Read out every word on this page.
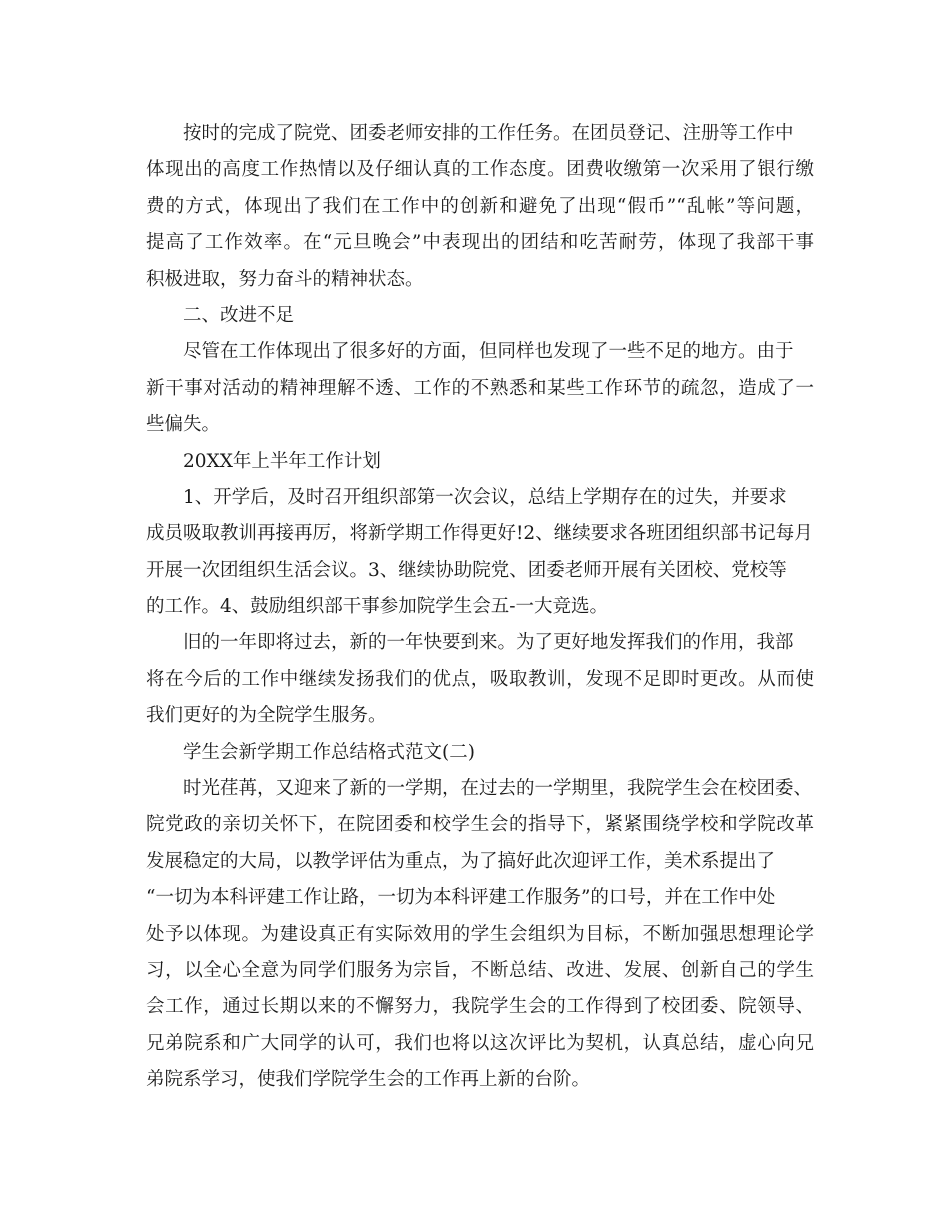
按时的完成了院党、团委老师安排的工作任务。在团员登记、注册等工作中
体现出的高度工作热情以及仔细认真的工作态度。团费收缴第一次采用了银行缴
费的方式，体现出了我们在工作中的创新和避免了出现“假币”“乱帐”等问题，
提高了工作效率。在“元旦晚会”中表现出的团结和吃苦耐劳，体现了我部干事
积极进取，努力奋斗的精神状态。
二、改进不足
尽管在工作体现出了很多好的方面，但同样也发现了一些不足的地方。由于
新干事对活动的精神理解不透、工作的不熟悉和某些工作环节的疏忽，造成了一
些偏失。
20XX年上半年工作计划
1、开学后，及时召开组织部第一次会议，总结上学期存在的过失，并要求
成员吸取教训再接再厉，将新学期工作得更好!2、继续要求各班团组织部书记每月
开展一次团组织生活会议。3、继续协助院党、团委老师开展有关团校、党校等
的工作。4、鼓励组织部干事参加院学生会五-一大竞选。
旧的一年即将过去，新的一年快要到来。为了更好地发挥我们的作用，我部
将在今后的工作中继续发扬我们的优点，吸取教训，发现不足即时更改。从而使
我们更好的为全院学生服务。
学生会新学期工作总结格式范文(二)
时光荏苒，又迎来了新的一学期，在过去的一学期里，我院学生会在校团委、
院党政的亲切关怀下，在院团委和校学生会的指导下，紧紧围绕学校和学院改革
发展稳定的大局，以教学评估为重点，为了搞好此次迎评工作，美术系提出了
“一切为本科评建工作让路，一切为本科评建工作服务”的口号，并在工作中处
处予以体现。为建设真正有实际效用的学生会组织为目标，不断加强思想理论学
习，以全心全意为同学们服务为宗旨，不断总结、改进、发展、创新自己的学生
会工作，通过长期以来的不懈努力，我院学生会的工作得到了校团委、院领导、
兄弟院系和广大同学的认可，我们也将以这次评比为契机，认真总结，虚心向兄
弟院系学习，使我们学院学生会的工作再上新的台阶。
